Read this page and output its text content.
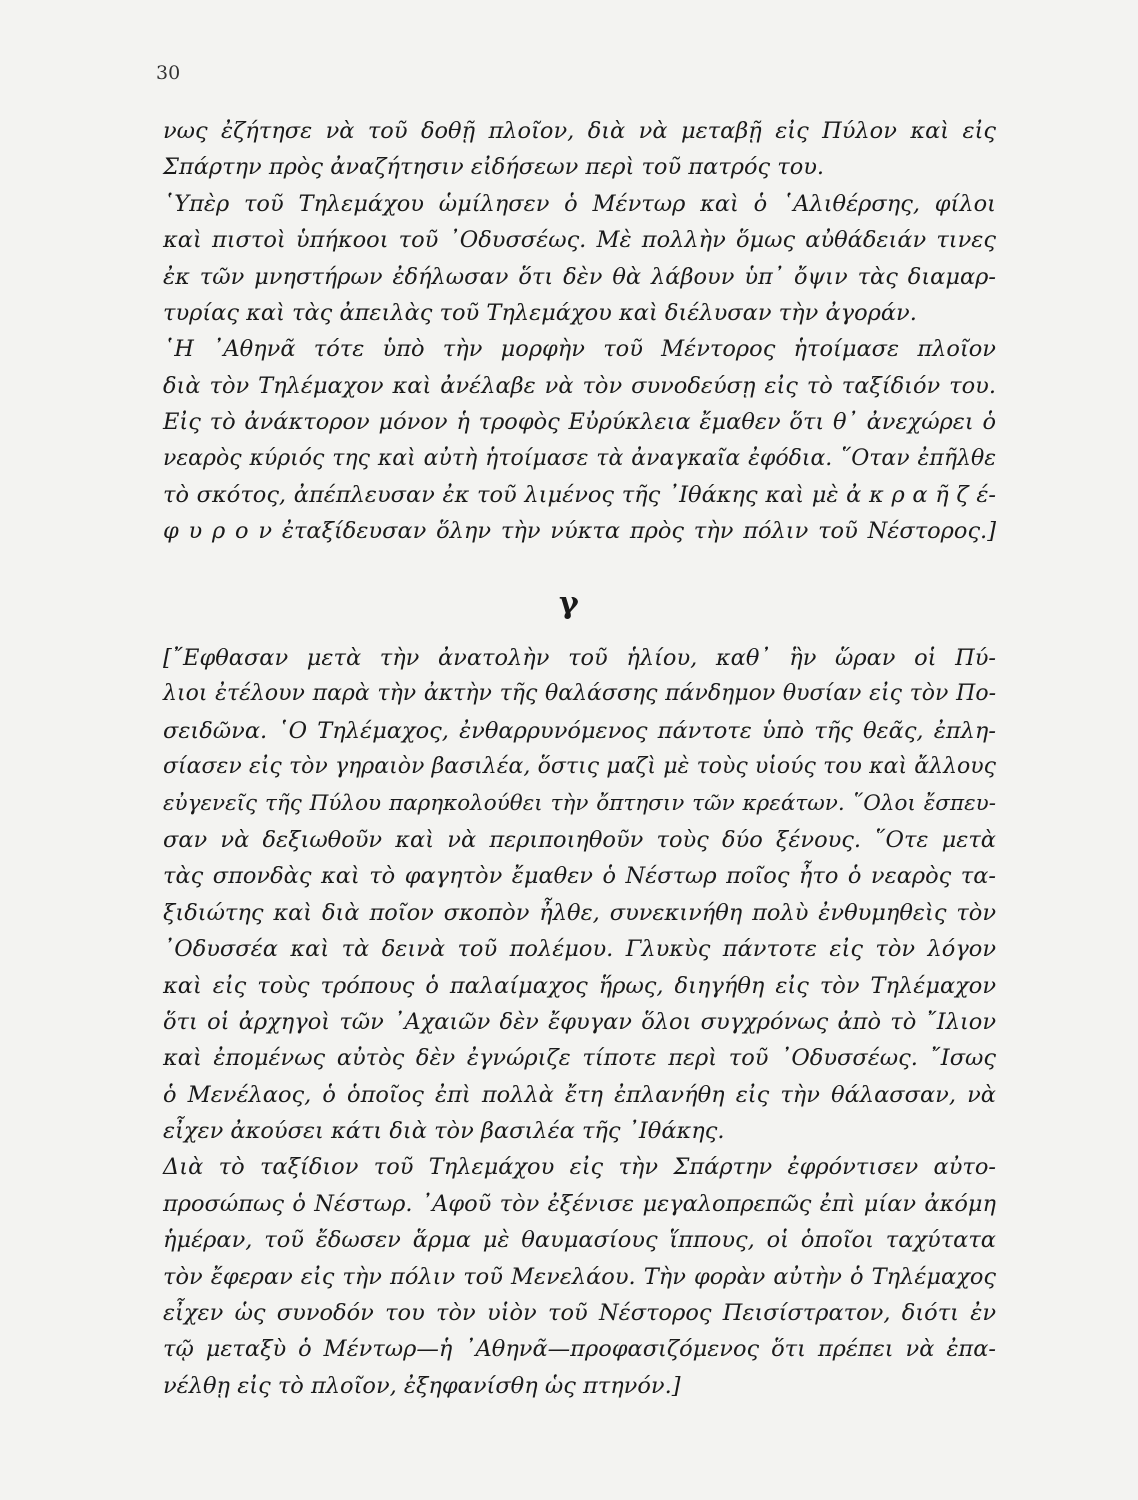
30
νως ἐζήτησε νὰ τοῦ δοθῇ πλοῖον, διὰ νὰ μεταβῇ εἰς Πύλον καὶ εἰς
Σπάρτην πρὸς ἀναζήτησιν εἰδήσεων περὶ τοῦ πατρός του.
῾Υπὲρ τοῦ Τηλεμάχου ὡμίλησεν ὁ Μέντωρ καὶ ὁ ῾Αλιθέρσης, φίλοι
καὶ πιστοὶ ὑπήκοοι τοῦ ᾿Οδυσσέως. Μὲ πολλὴν ὅμως αὐθάδειάν τινες
ἐκ τῶν μνηστήρων ἐδήλωσαν ὅτι δὲν θὰ λάβουν ὑπ᾿ ὄψιν τὰς διαμαρ-
τυρίας καὶ τὰς ἀπειλὰς τοῦ Τηλεμάχου καὶ διέλυσαν τὴν ἀγοράν.
῾Η ᾿Αθηνᾶ τότε ὑπὸ τὴν μορφὴν τοῦ Μέντορος ἡτοίμασε πλοῖον
διὰ τὸν Τηλέμαχον καὶ ἀνέλαβε νὰ τὸν συνοδεύσῃ εἰς τὸ ταξίδιόν του.
Εἰς τὸ ἀνάκτορον μόνον ἡ τροφὸς Εὐρύκλεια ἔμαθεν ὅτι θ᾿ ἀνεχώρει ὁ
νεαρὸς κύριός της καὶ αὐτὴ ἡτοίμασε τὰ ἀναγκαῖα ἐφόδια. ῞Οταν ἐπῆλθε
τὸ σκότος, ἀπέπλευσαν ἐκ τοῦ λιμένος τῆς ᾿Ιθάκης καὶ μὲ ἀ κ ρ α ῆ ζ έ-
φ υ ρ ο ν ἐταξίδευσαν ὅλην τὴν νύκτα πρὸς τὴν πόλιν τοῦ Νέστορος.]
γ
[῎Εφθασαν μετὰ τὴν ἀνατολὴν τοῦ ἡλίου, καθ᾿ ἣν ὥραν οἱ Πύ-
λιοι ἐτέλουν παρὰ τὴν ἀκτὴν τῆς θαλάσσης πάνδημον θυσίαν εἰς τὸν Πο-
σειδῶνα. ῾Ο Τηλέμαχος, ἐνθαρρυνόμενος πάντοτε ὑπὸ τῆς θεᾶς, ἐπλη-
σίασεν εἰς τὸν γηραιὸν βασιλέα, ὅστις μαζὶ μὲ τοὺς υἱούς του καὶ ἄλλους
εὐγενεῖς τῆς Πύλου παρηκολούθει τὴν ὄπτησιν τῶν κρεάτων. ῞Ολοι ἔσπευ-
σαν νὰ δεξιωθοῦν καὶ νὰ περιποιηθοῦν τοὺς δύο ξένους. ῞Οτε μετὰ
τὰς σπονδὰς καὶ τὸ φαγητὸν ἔμαθεν ὁ Νέστωρ ποῖος ἦτο ὁ νεαρὸς τα-
ξιδιώτης καὶ διὰ ποῖον σκοπὸν ἦλθε, συνεκινήθη πολὺ ἐνθυμηθεὶς τὸν
᾿Οδυσσέα καὶ τὰ δεινὰ τοῦ πολέμου. Γλυκὺς πάντοτε εἰς τὸν λόγον
καὶ εἰς τοὺς τρόπους ὁ παλαίμαχος ἥρως, διηγήθη εἰς τὸν Τηλέμαχον
ὅτι οἱ ἀρχηγοὶ τῶν ᾿Αχαιῶν δὲν ἔφυγαν ὅλοι συγχρόνως ἀπὸ τὸ ῎Ιλιον
καὶ ἐπομένως αὐτὸς δὲν ἐγνώριζε τίποτε περὶ τοῦ ᾿Οδυσσέως. ῎Ισως
ὁ Μενέλαος, ὁ ὁποῖος ἐπὶ πολλὰ ἔτη ἐπλανήθη εἰς τὴν θάλασσαν, νὰ
εἶχεν ἀκούσει κάτι διὰ τὸν βασιλέα τῆς ᾿Ιθάκης.
Διὰ τὸ ταξίδιον τοῦ Τηλεμάχου εἰς τὴν Σπάρτην ἐφρόντισεν αὐτο-
προσώπως ὁ Νέστωρ. ᾿Αφοῦ τὸν ἐξένισε μεγαλοπρεπῶς ἐπὶ μίαν ἀκόμη
ἡμέραν, τοῦ ἔδωσεν ἅρμα μὲ θαυμασίους ἵππους, οἱ ὁποῖοι ταχύτατα
τὸν ἔφεραν εἰς τὴν πόλιν τοῦ Μενελάου. Τὴν φορὰν αὐτὴν ὁ Τηλέμαχος
εἶχεν ὡς συνοδόν του τὸν υἱὸν τοῦ Νέστορος Πεισίστρατον, διότι ἐν
τῷ μεταξὺ ὁ Μέντωρ—ἡ ᾿Αθηνᾶ—προφασιζόμενος ὅτι πρέπει νὰ ἐπα-
νέλθῃ εἰς τὸ πλοῖον, ἐξηφανίσθη ὡς πτηνόν.]
